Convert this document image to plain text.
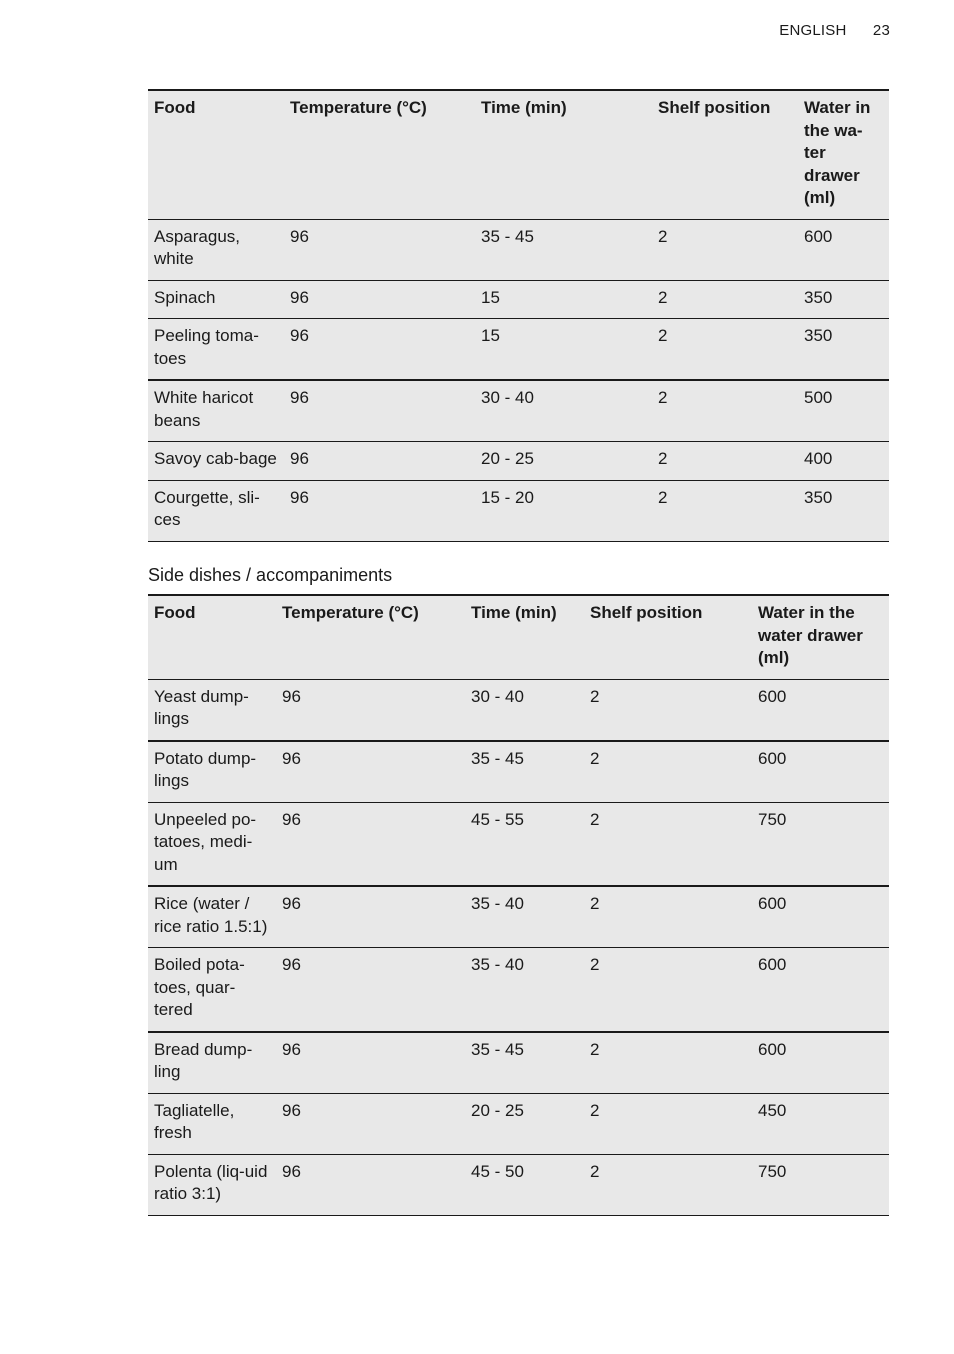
ENGLISH 23
Food	Temperature (°C)	Time (min)	Shelf position	Water in the wa- ter drawer (ml)
Asparagus, white	96	35 - 45	2	600
Spinach	96	15	2	350
Peeling toma-toes	96	15	2	350
White haricot beans	96	30 - 40	2	500
Savoy cab-bage	96	20 - 25	2	400
Courgette, sli-ces	96	15 - 20	2	350
Side dishes / accompaniments
Food	Temperature (°C)	Time (min)	Shelf position	Water in the water drawer (ml)
Yeast dump-lings	96	30 - 40	2	600
Potato dump-lings	96	35 - 45	2	600
Unpeeled po-tatoes, medi-um	96	45 - 55	2	750
Rice (water / rice ratio 1.5:1)	96	35 - 40	2	600
Boiled pota-toes, quar-tered	96	35 - 40	2	600
Bread dump-ling	96	35 - 45	2	600
Tagliatelle, fresh	96	20 - 25	2	450
Polenta (liq-uid ratio 3:1)	96	45 - 50	2	750
